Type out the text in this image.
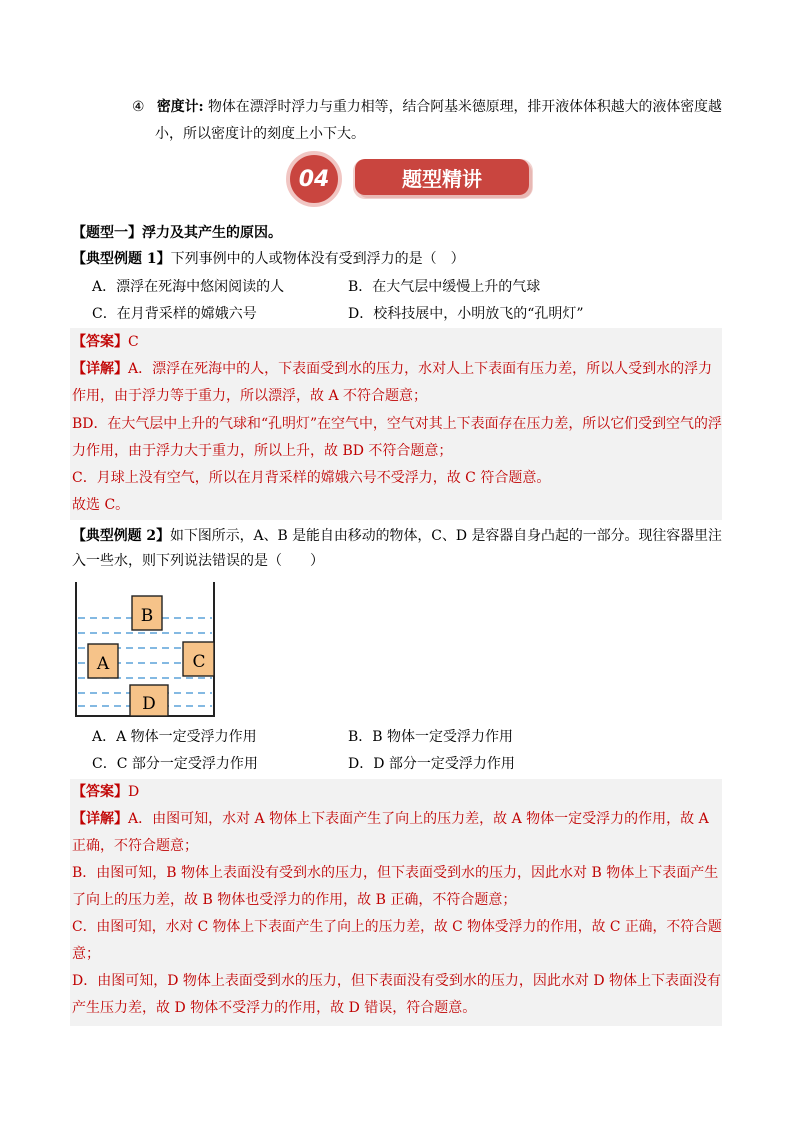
④ 密度计: 物体在漂浮时浮力与重力相等，结合阿基米德原理，排开液体体积越大的液体密度越
小，所以密度计的刻度上小下大。
题型精讲
04
【题型一】浮力及其产生的原因。
【典型例题 1】下列事例中的人或物体没有受到浮力的是（　）
A．漂浮在死海中悠闲阅读的人	B．在大气层中缓慢上升的气球
C．在月背采样的嫦娥六号	D．校科技展中，小明放飞的“孔明灯”
【答案】C
【详解】A．漂浮在死海中的人，下表面受到水的压力，水对人上下表面有压力差，所以人受到水的浮力
作用，由于浮力等于重力，所以漂浮，故 A 不符合题意；
BD．在大气层中上升的气球和“孔明灯”在空气中，空气对其上下表面存在压力差，所以它们受到空气的浮
力作用，由于浮力大于重力，所以上升，故 BD 不符合题意；
C．月球上没有空气，所以在月背采样的嫦娥六号不受浮力，故 C 符合题意。
故选 C。
【典型例题 2】如下图所示，A、B 是能自由移动的物体，C、D 是容器自身凸起的一部分。现往容器里注
入一些水，则下列说法错误的是（　　）
B
A	C
D
A．A 物体一定受浮力作用	B．B 物体一定受浮力作用
C．C 部分一定受浮力作用	D．D 部分一定受浮力作用
【答案】D
【详解】A．由图可知，水对 A 物体上下表面产生了向上的压力差，故 A 物体一定受浮力的作用，故 A
正确，不符合题意；
B．由图可知，B 物体上表面没有受到水的压力，但下表面受到水的压力，因此水对 B 物体上下表面产生
了向上的压力差，故 B 物体也受浮力的作用，故 B 正确，不符合题意；
C．由图可知，水对 C 物体上下表面产生了向上的压力差，故 C 物体受浮力的作用，故 C 正确，不符合题
意；
D．由图可知，D 物体上表面受到水的压力，但下表面没有受到水的压力，因此水对 D 物体上下表面没有
产生压力差，故 D 物体不受浮力的作用，故 D 错误，符合题意。
